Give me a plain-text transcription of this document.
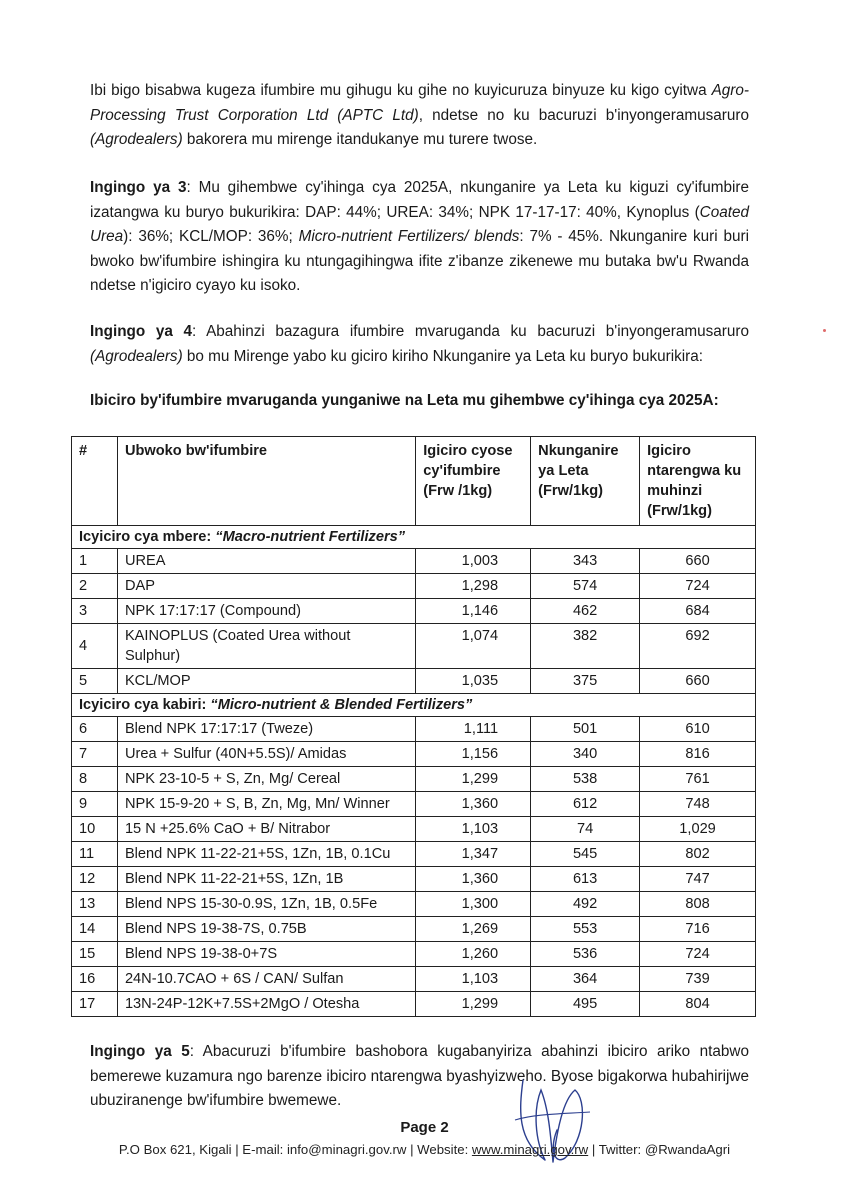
Ibi bigo bisabwa kugeza ifumbire mu gihugu ku gihe no kuyicuruza binyuze ku kigo cyitwa Agro-Processing Trust Corporation Ltd (APTC Ltd), ndetse no ku bacuruzi b'inyongeramusaruro (Agrodealers) bakorera mu mirenge itandukanye mu turere twose.

Ingingo ya 3: Mu gihembwe cy'ihinga cya 2025A, nkunganire ya Leta ku kiguzi cy'ifumbire izatangwa ku buryo bukurikira: DAP: 44%; UREA: 34%; NPK 17-17-17: 40%, Kynoplus (Coated Urea): 36%; KCL/MOP: 36%; Micro-nutrient Fertilizers/ blends: 7% - 45%. Nkunganire kuri buri bwoko bw'ifumbire ishingira ku ntungagihingwa ifite z'ibanze zikenewe mu butaka bw'u Rwanda ndetse n'igiciro cyayo ku isoko.

Ingingo ya 4: Abahinzi bazagura ifumbire mvaruganda ku bacuruzi b'inyongeramusaruro (Agrodealers) bo mu Mirenge yabo ku giciro kiriho Nkunganire ya Leta ku buryo bukurikira:

Ibiciro by'ifumbire mvaruganda yunganiwe na Leta mu gihembwe cy'ihinga cya 2025A:

#	Ubwoko bw'ifumbire	Igiciro cyose cy'ifumbire (Frw /1kg)	Nkunganire ya Leta (Frw/1kg)	Igiciro ntarengwa ku muhinzi (Frw/1kg)
Icyiciro cya mbere: “Macro-nutrient Fertilizers”				
1	UREA	1,003	343	660
2	DAP	1,298	574	724
3	NPK 17:17:17 (Compound)	1,146	462	684
4	KAINOPLUS (Coated Urea without Sulphur)	1,074	382	692
5	KCL/MOP	1,035	375	660
Icyiciro cya kabiri: “Micro-nutrient & Blended Fertilizers”				
6	Blend NPK 17:17:17 (Tweze)	1,111	501	610
7	Urea + Sulfur (40N+5.5S)/ Amidas	1,156	340	816
8	NPK 23-10-5 + S, Zn, Mg/ Cereal	1,299	538	761
9	NPK 15-9-20 + S, B, Zn, Mg, Mn/ Winner	1,360	612	748
10	15 N +25.6% CaO + B/ Nitrabor	1,103	74	1,029
11	Blend NPK 11-22-21+5S, 1Zn, 1B, 0.1Cu	1,347	545	802
12	Blend NPK 11-22-21+5S, 1Zn, 1B	1,360	613	747
13	Blend NPS 15-30-0.9S, 1Zn, 1B, 0.5Fe	1,300	492	808
14	Blend NPS 19-38-7S, 0.75B	1,269	553	716
15	Blend NPS 19-38-0+7S	1,260	536	724
16	24N-10.7CAO + 6S / CAN/ Sulfan	1,103	364	739
17	13N-24P-12K+7.5S+2MgO / Otesha	1,299	495	804

Ingingo ya 5: Abacuruzi b'ifumbire bashobora kugabanyiriza abahinzi ibiciro ariko ntabwo bemerewe kuzamura ngo barenze ibiciro ntarengwa byashyizweho. Byose bigakorwa hubahirijwe ubuziranenge bw'ifumbire bwemewe.

Page 2

P.O Box 621, Kigali | E-mail: info@minagri.gov.rw | Website: www.minagri.gov.rw | Twitter: @RwandaAgri
